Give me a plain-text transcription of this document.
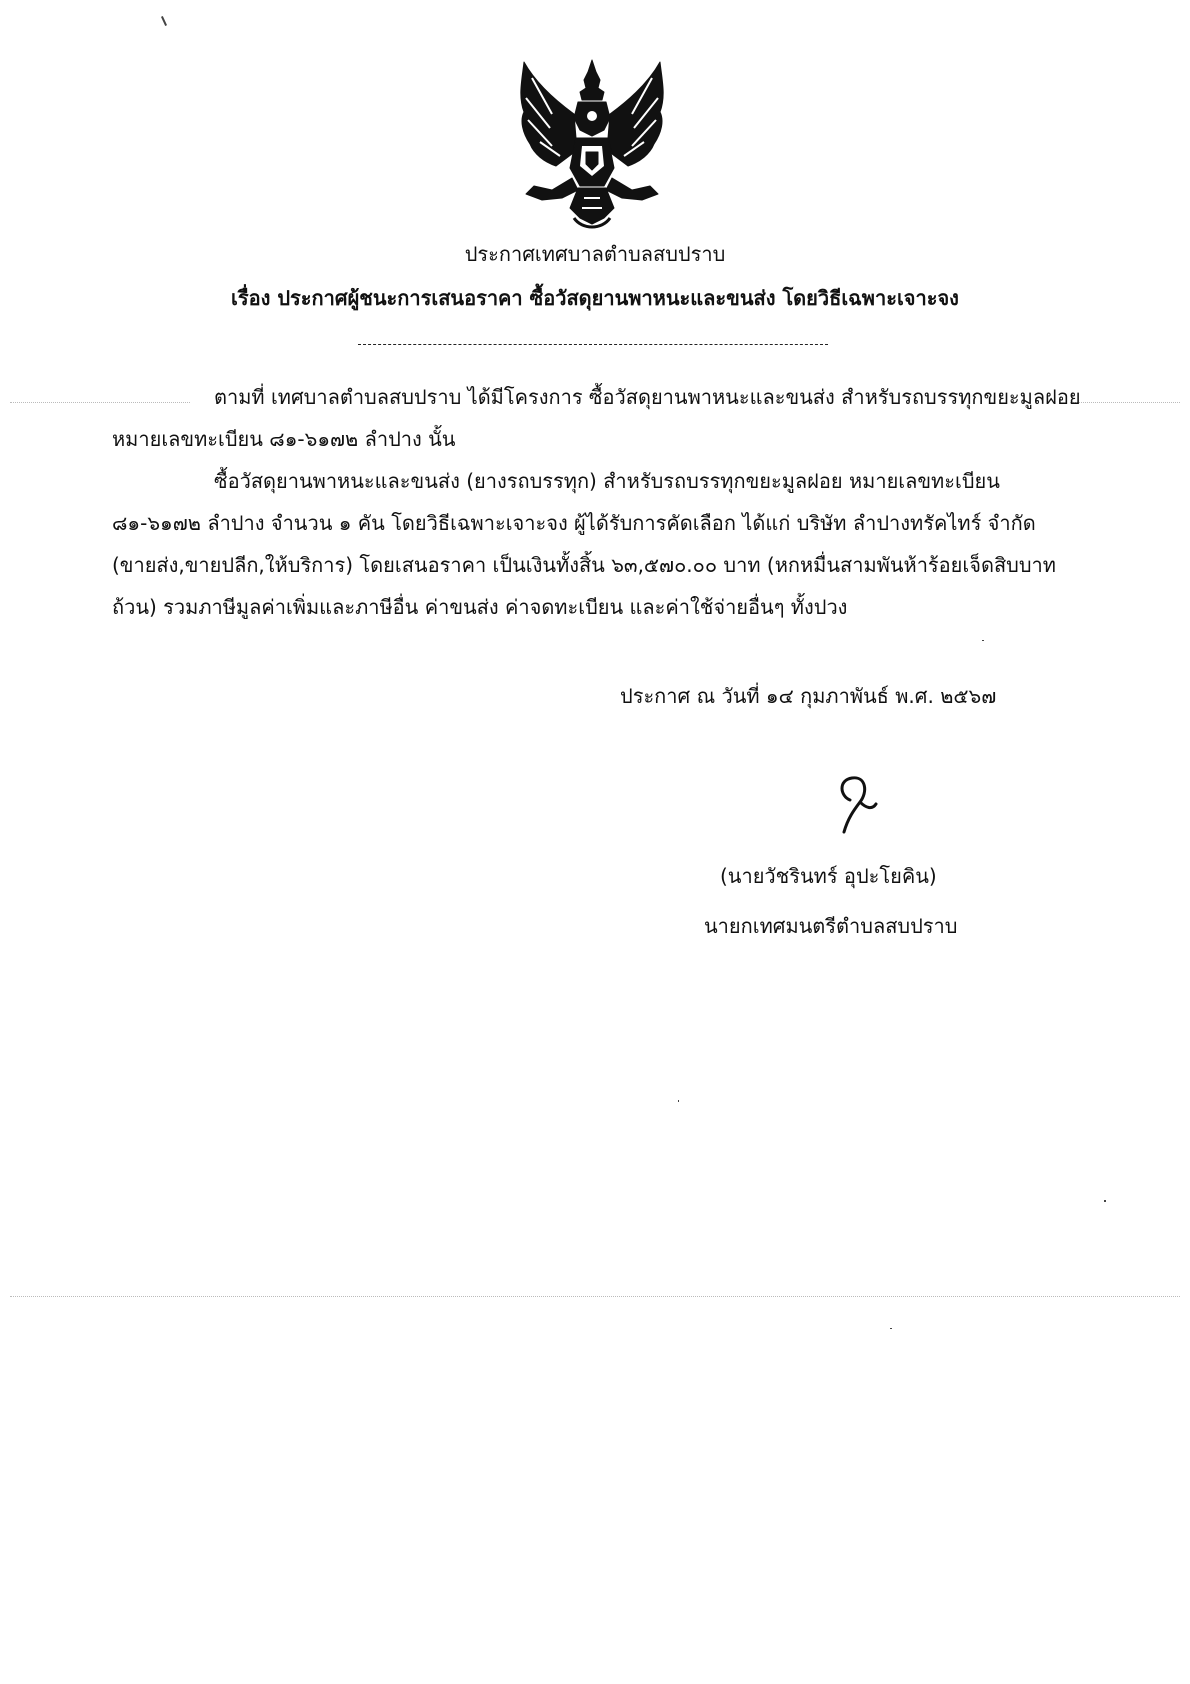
ประกาศเทศบาลตำบลสบปราบ
เรื่อง ประกาศผู้ชนะการเสนอราคา ซื้อวัสดุยานพาหนะและขนส่ง โดยวิธีเฉพาะเจาะจง
ตามที่ เทศบาลตำบลสบปราบ ได้มีโครงการ ซื้อวัสดุยานพาหนะและขนส่ง สำหรับรถบรรทุกขยะมูลฝอย
หมายเลขทะเบียน ๘๑-๖๑๗๒ ลำปาง นั้น
ซื้อวัสดุยานพาหนะและขนส่ง (ยางรถบรรทุก) สำหรับรถบรรทุกขยะมูลฝอย หมายเลขทะเบียน
๘๑-๖๑๗๒ ลำปาง จำนวน ๑ คัน โดยวิธีเฉพาะเจาะจง ผู้ได้รับการคัดเลือก ได้แก่ บริษัท ลำปางทรัคไทร์ จำกัด
(ขายส่ง,ขายปลีก,ให้บริการ) โดยเสนอราคา เป็นเงินทั้งสิ้น ๖๓,๕๗๐.๐๐ บาท (หกหมื่นสามพันห้าร้อยเจ็ดสิบบาท
ถ้วน) รวมภาษีมูลค่าเพิ่มและภาษีอื่น ค่าขนส่ง ค่าจดทะเบียน และค่าใช้จ่ายอื่นๆ ทั้งปวง
ประกาศ ณ วันที่ ๑๔ กุมภาพันธ์ พ.ศ. ๒๕๖๗
(นายวัชรินทร์ อุปะโยคิน)
นายกเทศมนตรีตำบลสบปราบ
